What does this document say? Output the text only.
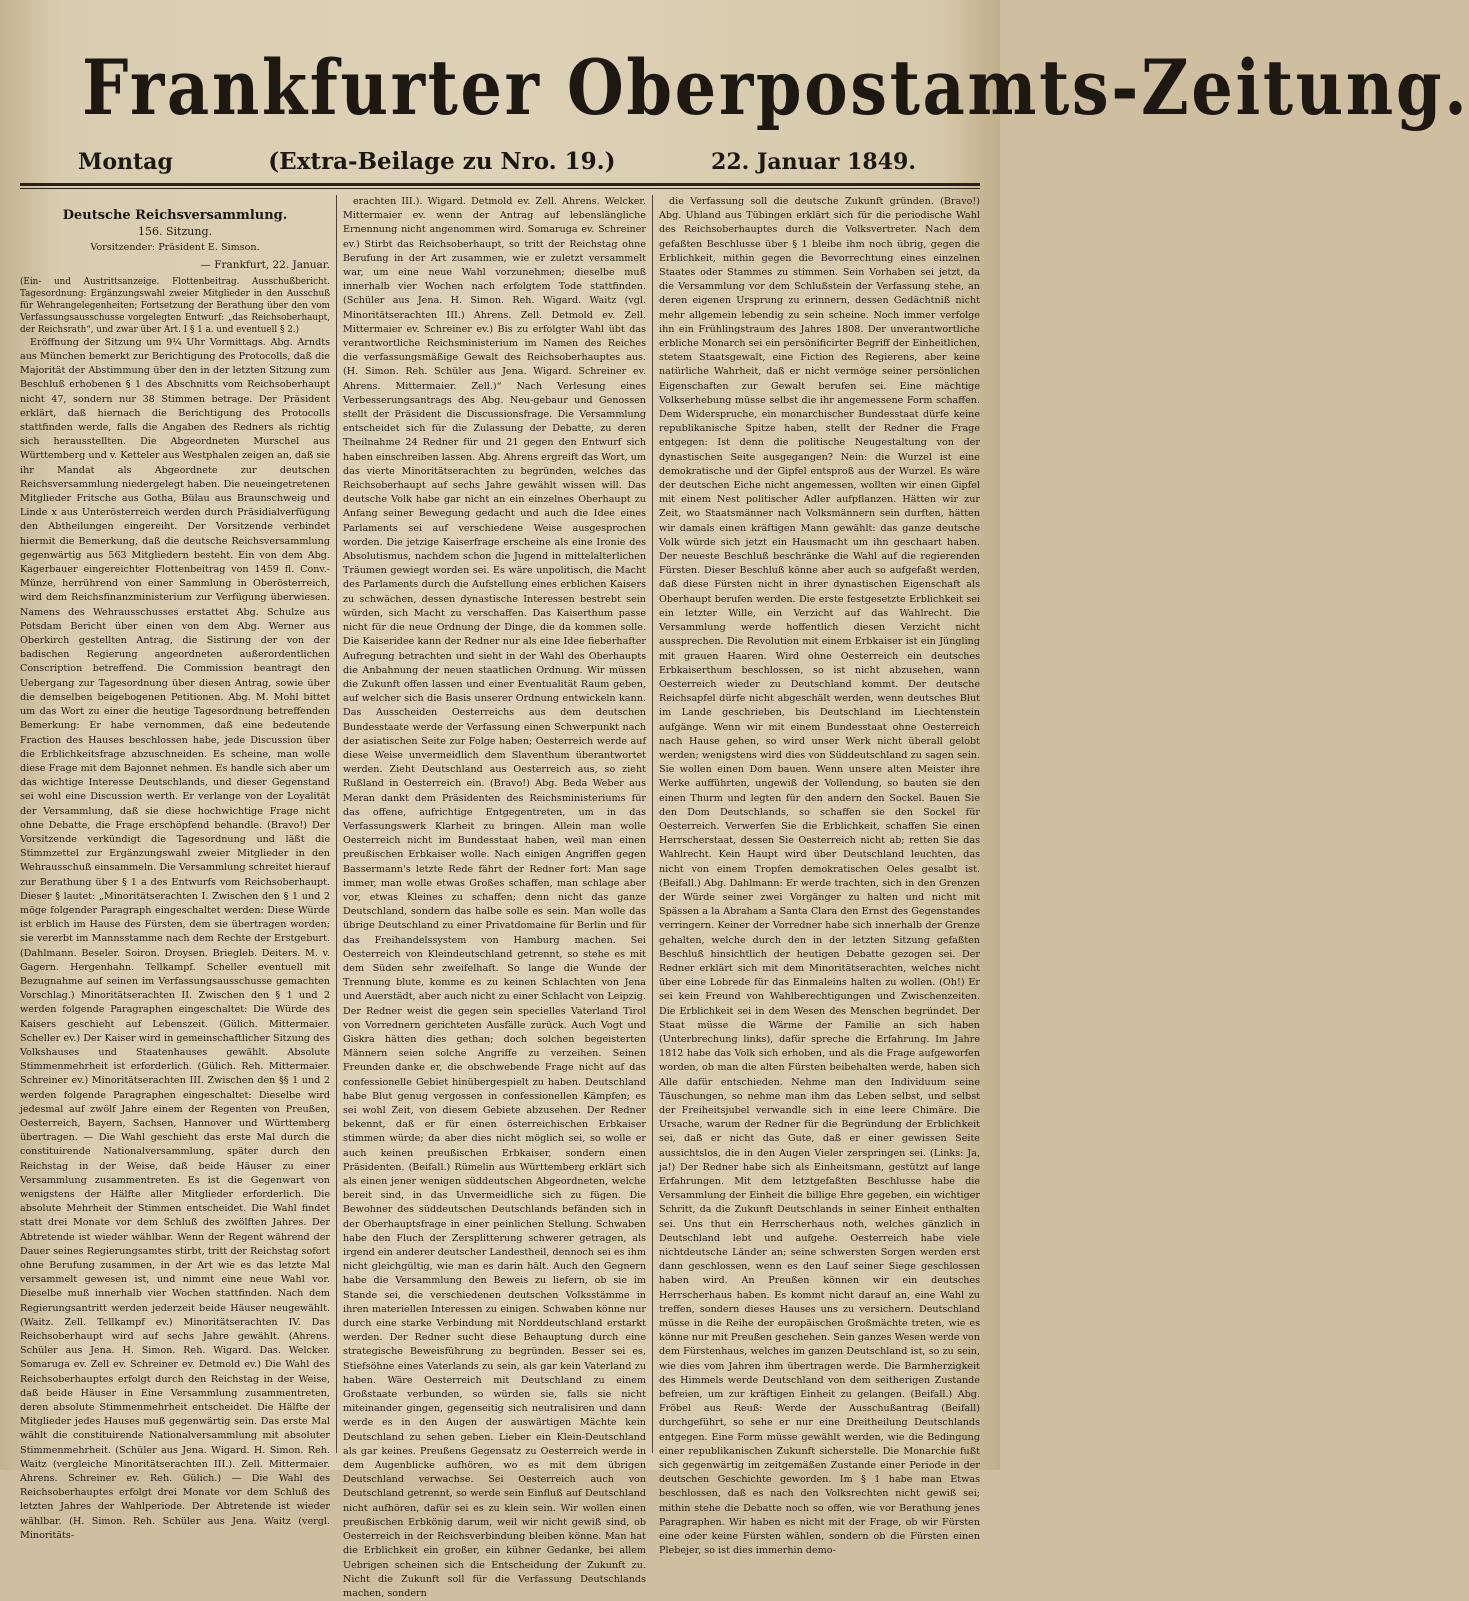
Frankfurter Oberpostamts-Zeitung.
Montag	(Extra-Beilage zu Nro. 19.)	22. Januar 1849.
Deutsche Reichsversammlung.
156. Sitzung.
Vorsitzender: Präsident E. Simson.
— Frankfurt, 22. Januar.

(Ein- und Austrittsanzeige. Flottenbeitrag. Ausschußbericht. Tagesordnung: Ergänzungswahl zweier Mitglieder in den Ausschuß für Wehrangelegenheiten; Fortsetzung der Berathung über den vom Verfassungsausschusse vorgelegten Entwurf: „das Reichsoberhaupt, der Reichsrath“, und zwar über Art. I § 1 a. und eventuell § 2.)

Eröffnung der Sitzung um 9¼ Uhr Vormittags. Abg. Arndts aus München bemerkt zur Berichtigung des Protocolls, daß die Majorität der Abstimmung über den in der letzten Sitzung zum Beschluß erhobenen § 1 des Abschnitts vom Reichsoberhaupt nicht 47, sondern nur 38 Stimmen betrage. Der Präsident erklärt, daß hiernach die Berichtigung des Protocolls stattfinden werde, falls die Angaben des Redners als richtig sich herausstellten. Die Abgeordneten Murschel aus Württemberg und v. Ketteler aus Westphalen zeigen an, daß sie ihr Mandat als Abgeordnete zur deutschen Reichsversammlung niedergelegt haben. Die neueingetretenen Mitglieder Fritsche aus Gotha, Bülau aus Braunschweig und Linde x aus Unterösterreich werden durch Präsidialverfügung den Abtheilungen eingereiht. Der Vorsitzende verbindet hiermit die Bemerkung, daß die deutsche Reichsversammlung gegenwärtig aus 563 Mitgliedern besteht. Ein von dem Abg. Kagerbauer eingereichter Flottenbeitrag von 1459 fl. Conv.-Münze, herrührend von einer Sammlung in Oberösterreich, wird dem Reichsfinanzministerium zur Verfügung überwiesen. Namens des Wehrausschusses erstattet Abg. Schulze aus Potsdam Bericht über einen von dem Abg. Werner aus Oberkirch gestellten Antrag, die Sistirung der von der badischen Regierung angeordneten außerordentlichen Conscription betreffend. Die Commission beantragt den Uebergang zur Tagesordnung über diesen Antrag, sowie über die demselben beigebogenen Petitionen. Abg. M. Mohl bittet um das Wort zu einer die heutige Tagesordnung betreffenden Bemerkung: Er habe vernommen, daß eine bedeutende Fraction des Hauses beschlossen habe, jede Discussion über die Erblichkeitsfrage abzuschneiden. Es scheine, man wolle diese Frage mit dem Bajonnet nehmen. Es handle sich aber um das wichtige Interesse Deutschlands, und dieser Gegenstand sei wohl eine Discussion werth. Er verlange von der Loyalität der Versammlung, daß sie diese hochwichtige Frage nicht ohne Debatte, die Frage erschöpfend behandle. (Bravo!) Der Vorsitzende verkündigt die Tagesordnung und läßt die Stimmzettel zur Ergänzungswahl zweier Mitglieder in den Wehrausschuß einsammeln. Die Versammlung schreitet hierauf zur Berathung über § 1 a des Entwurfs vom Reichsoberhaupt. Dieser § lautet: „Minoritätserachten I. Zwischen den § 1 und 2 möge folgender Paragraph eingeschaltet werden: Diese Würde ist erblich im Hause des Fürsten, dem sie übertragen worden; sie vererbt im Mannsstamme nach dem Rechte der Erstgeburt. (Dahlmann. Beseler. Soiron. Droysen. Briegleb. Deiters. M. v. Gagern. Hergenhahn. Tellkampf. Scheller eventuell mit Bezugnahme auf seinen im Verfassungsausschusse gemachten Vorschlag.) Minoritätserachten II. Zwischen den § 1 und 2 werden folgende Paragraphen eingeschaltet: Die Würde des Kaisers geschieht auf Lebenszeit. (Gülich. Mittermaier. Scheller ev.) Der Kaiser wird in gemeinschaftlicher Sitzung des Volkshauses und Staatenhauses gewählt. Absolute Stimmenmehrheit ist erforderlich. (Gülich. Reh. Mittermaier. Schreiner ev.) Minoritätserachten III. Zwischen den §§ 1 und 2 werden folgende Paragraphen eingeschaltet: Dieselbe wird jedesmal auf zwölf Jahre einem der Regenten von Preußen, Oesterreich, Bayern, Sachsen, Hannover und Württemberg übertragen. — Die Wahl geschieht das erste Mal durch die constituirende Nationalversammlung, später durch den Reichstag in der Weise, daß beide Häuser zu einer Versammlung zusammentreten. Es ist die Gegenwart von wenigstens der Hälfte aller Mitglieder erforderlich. Die absolute Mehrheit der Stimmen entscheidet. Die Wahl findet statt drei Monate vor dem Schluß des zwölften Jahres. Der Abtretende ist wieder wählbar. Wenn der Regent während der Dauer seines Regierungsamtes stirbt, tritt der Reichstag sofort ohne Berufung zusammen, in der Art wie es das letzte Mal versammelt gewesen ist, und nimmt eine neue Wahl vor. Dieselbe muß innerhalb vier Wochen stattfinden. Nach dem Regierungsantritt werden jederzeit beide Häuser neugewählt. (Waitz. Zell. Tellkampf ev.) Minoritätserachten IV. Das Reichsoberhaupt wird auf sechs Jahre gewählt. (Ahrens. Schüler aus Jena. H. Simon. Reh. Wigard. Das. Welcker. Somaruga ev. Zell ev. Schreiner ev. Detmold ev.) Die Wahl des Reichsoberhauptes erfolgt durch den Reichstag in der Weise, daß beide Häuser in Eine Versammlung zusammentreten, deren absolute Stimmenmehrheit entscheidet. Die Hälfte der Mitglieder jedes Hauses muß gegenwärtig sein. Das erste Mal wählt die constituirende Nationalversammlung mit absoluter Stimmenmehrheit. (Schüler aus Jena. Wigard. H. Simon. Reh. Waitz (vergleiche Minoritätserachten III.). Zell. Mittermaier. Ahrens. Schreiner ev. Reh. Gülich.) — Die Wahl des Reichsoberhauptes erfolgt drei Monate vor dem Schluß des letzten Jahres der Wahlperiode. Der Abtretende ist wieder wählbar. (H. Simon. Reh. Schüler aus Jena. Waitz (vergl. Minoritäts-

erachten III.). Wigard. Detmold ev. Zell. Ahrens. Welcker. Mittermaier ev. wenn der Antrag auf lebenslängliche Ernennung nicht angenommen wird. Somaruga ev. Schreiner ev.) Stirbt das Reichsoberhaupt, so tritt der Reichstag ohne Berufung in der Art zusammen, wie er zuletzt versammelt war, um eine neue Wahl vorzunehmen; dieselbe muß innerhalb vier Wochen nach erfolgtem Tode stattfinden. (Schüler aus Jena. H. Simon. Reh. Wigard. Waitz (vgl. Minoritätserachten III.) Ahrens. Zell. Detmold ev. Zell. Mittermaier ev. Schreiner ev.) Bis zu erfolgter Wahl übt das verantwortliche Reichsministerium im Namen des Reiches die verfassungsmäßige Gewalt des Reichsoberhauptes aus. (H. Simon. Reh. Schüler aus Jena. Wigard. Schreiner ev. Ahrens. Mittermaier. Zell.)“ Nach Verlesung eines Verbesserungsantrags des Abg. Neu-gebaur und Genossen stellt der Präsident die Discussionsfrage. Die Versammlung entscheidet sich für die Zulassung der Debatte, zu deren Theilnahme 24 Redner für und 21 gegen den Entwurf sich haben einschreiben lassen. Abg. Ahrens ergreift das Wort, um das vierte Minoritätserachten zu begründen, welches das Reichsoberhaupt auf sechs Jahre gewählt wissen will. Das deutsche Volk habe gar nicht an ein einzelnes Oberhaupt zu Anfang seiner Bewegung gedacht und auch die Idee eines Parlaments sei auf verschiedene Weise ausgesprochen worden. Die jetzige Kaiserfrage erscheine als eine Ironie des Absolutismus, nachdem schon die Jugend in mittelalterlichen Träumen gewiegt worden sei. Es wäre unpolitisch, die Macht des Parlaments durch die Aufstellung eines erblichen Kaisers zu schwächen, dessen dynastische Interessen bestrebt sein würden, sich Macht zu verschaffen. Das Kaiserthum passe nicht für die neue Ordnung der Dinge, die da kommen solle. Die Kaiseridee kann der Redner nur als eine Idee fieberhafter Aufregung betrachten und sieht in der Wahl des Oberhaupts die Anbahnung der neuen staatlichen Ordnung. Wir müssen die Zukunft offen lassen und einer Eventualität Raum geben, auf welcher sich die Basis unserer Ordnung entwickeln kann. Das Ausscheiden Oesterreichs aus dem deutschen Bundesstaate werde der Verfassung einen Schwerpunkt nach der asiatischen Seite zur Folge haben; Oesterreich werde auf diese Weise unvermeidlich dem Slaventhum überantwortet werden. Zieht Deutschland aus Oesterreich aus, so zieht Rußland in Oesterreich ein. (Bravo!) Abg. Beda Weber aus Meran dankt dem Präsidenten des Reichsministeriums für das offene, aufrichtige Entgegentreten, um in das Verfassungswerk Klarheit zu bringen. Allein man wolle Oesterreich nicht im Bundesstaat haben, weil man einen preußischen Erbkaiser wolle. Nach einigen Angriffen gegen Bassermann's letzte Rede fährt der Redner fort: Man sage immer, man wolle etwas Großes schaffen, man schlage aber vor, etwas Kleines zu schaffen; denn nicht das ganze Deutschland, sondern das halbe solle es sein. Man wolle das übrige Deutschland zu einer Privatdomaine für Berlin und für das Freihandelssystem von Hamburg machen. Sei Oesterreich von Kleindeutschland getrennt, so stehe es mit dem Süden sehr zweifelhaft. So lange die Wunde der Trennung blute, komme es zu keinen Schlachten von Jena und Auerstädt, aber auch nicht zu einer Schlacht von Leipzig. Der Redner weist die gegen sein specielles Vaterland Tirol von Vorrednern gerichteten Ausfälle zurück. Auch Vogt und Giskra hätten dies gethan; doch solchen begeisterten Männern seien solche Angriffe zu verzeihen. Seinen Freunden danke er, die obschwebende Frage nicht auf das confessionelle Gebiet hinübergespielt zu haben. Deutschland habe Blut genug vergossen in confessionellen Kämpfen; es sei wohl Zeit, von diesem Gebiete abzusehen. Der Redner bekennt, daß er für einen österreichischen Erbkaiser stimmen würde; da aber dies nicht möglich sei, so wolle er auch keinen preußischen Erbkaiser, sondern einen Präsidenten. (Beifall.) Rümelin aus Württemberg erklärt sich als einen jener wenigen süddeutschen Abgeordneten, welche bereit sind, in das Unvermeidliche sich zu fügen. Die Bewohner des süddeutschen Deutschlands befänden sich in der Oberhauptsfrage in einer peinlichen Stellung. Schwaben habe den Fluch der Zersplitterung schwerer getragen, als irgend ein anderer deutscher Landestheil, dennoch sei es ihm nicht gleichgültig, wie man es darin hält. Auch den Gegnern habe die Versammlung den Beweis zu liefern, ob sie im Stande sei, die verschiedenen deutschen Volksstämme in ihren materiellen Interessen zu einigen. Schwaben könne nur durch eine starke Verbindung mit Norddeutschland erstarkt werden. Der Redner sucht diese Behauptung durch eine strategische Beweisführung zu begründen. Besser sei es, Stiefsöhne eines Vaterlands zu sein, als gar kein Vaterland zu haben. Wäre Oesterreich mit Deutschland zu einem Großstaate verbunden, so würden sie, falls sie nicht miteinander gingen, gegenseitig sich neutralisiren und dann werde es in den Augen der auswärtigen Mächte kein Deutschland zu sehen geben. Lieber ein Klein-Deutschland als gar keines. Preußens Gegensatz zu Oesterreich werde in dem Augenblicke aufhören, wo es mit dem übrigen Deutschland verwachse. Sei Oesterreich auch von Deutschland getrennt, so werde sein Einfluß auf Deutschland nicht aufhören, dafür sei es zu klein sein. Wir wollen einen preußischen Erbkönig darum, weil wir nicht gewiß sind, ob Oesterreich in der Reichsverbindung bleiben könne. Man hat die Erblichkeit ein großer, ein kühner Gedanke, bei allem Uebrigen scheinen sich die Entscheidung der Zukunft zu. Nicht die Zukunft soll für die Verfassung Deutschlands machen, sondern

die Verfassung soll die deutsche Zukunft gründen. (Bravo!) Abg. Uhland aus Tübingen erklärt sich für die periodische Wahl des Reichsoberhauptes durch die Volksvertreter. Nach dem gefaßten Beschlusse über § 1 bleibe ihm noch übrig, gegen die Erblichkeit, mithin gegen die Bevorrechtung eines einzelnen Staates oder Stammes zu stimmen. Sein Vorhaben sei jetzt, da die Versammlung vor dem Schlußstein der Verfassung stehe, an deren eigenen Ursprung zu erinnern, dessen Gedächtniß nicht mehr allgemein lebendig zu sein scheine. Noch immer verfolge ihn ein Frühlingstraum des Jahres 1808. Der unverantwortliche erbliche Monarch sei ein persönificirter Begriff der Einheitlichen, stetem Staatsgewalt, eine Fiction des Regierens, aber keine natürliche Wahrheit, daß er nicht vermöge seiner persönlichen Eigenschaften zur Gewalt berufen sei. Eine mächtige Volkserhebung müsse selbst die ihr angemessene Form schaffen. Dem Widerspruche, ein monarchischer Bundesstaat dürfe keine republikanische Spitze haben, stellt der Redner die Frage entgegen: Ist denn die politische Neugestaltung von der dynastischen Seite ausgegangen? Nein: die Wurzel ist eine demokratische und der Gipfel entsproß aus der Wurzel. Es wäre der deutschen Eiche nicht angemessen, wollten wir einen Gipfel mit einem Nest politischer Adler aufpflanzen. Hätten wir zur Zeit, wo Staatsmänner nach Volksmännern sein durften, hätten wir damals einen kräftigen Mann gewählt: das ganze deutsche Volk würde sich jetzt ein Hausmacht um ihn geschaart haben. Der neueste Beschluß beschränke die Wahl auf die regierenden Fürsten. Dieser Beschluß könne aber auch so aufgefaßt werden, daß diese Fürsten nicht in ihrer dynastischen Eigenschaft als Oberhaupt berufen werden. Die erste festgesetzte Erblichkeit sei ein letzter Wille, ein Verzicht auf das Wahlrecht. Die Versammlung werde hoffentlich diesen Verzicht nicht aussprechen. Die Revolution mit einem Erbkaiser ist ein Jüngling mit grauen Haaren. Wird ohne Oesterreich ein deutsches Erbkaiserthum beschlossen, so ist nicht abzusehen, wann Oesterreich wieder zu Deutschland kommt. Der deutsche Reichsapfel dürfe nicht abgeschält werden, wenn deutsches Blut im Lande geschrieben, bis Deutschland im Liechtenstein aufgänge. Wenn wir mit einem Bundesstaat ohne Oesterreich nach Hause gehen, so wird unser Werk nicht überall gelobt werden; wenigstens wird dies von Süddeutschland zu sagen sein. Sie wollen einen Dom bauen. Wenn unsere alten Meister ihre Werke aufführten, ungewiß der Vollendung, so bauten sie den einen Thurm und legten für den andern den Sockel. Bauen Sie den Dom Deutschlands, so schaffen sie den Sockel für Oesterreich. Verwerfen Sie die Erblichkeit, schaffen Sie einen Herrscherstaat, dessen Sie Oesterreich nicht ab; retten Sie das Wahlrecht. Kein Haupt wird über Deutschland leuchten, das nicht von einem Tropfen demokratischen Oeles gesalbt ist. (Beifall.) Abg. Dahlmann: Er werde trachten, sich in den Grenzen der Würde seiner zwei Vorgänger zu halten und nicht mit Spässen a la Abraham a Santa Clara den Ernst des Gegenstandes verringern. Keiner der Vorredner habe sich innerhalb der Grenze gehalten, welche durch den in der letzten Sitzung gefaßten Beschluß hinsichtlich der heutigen Debatte gezogen sei. Der Redner erklärt sich mit dem Minoritätserachten, welches nicht über eine Lobrede für das Einmaleins halten zu wollen. (Oh!) Er sei kein Freund von Wahlberechtigungen und Zwischenzeiten. Die Erblichkeit sei in dem Wesen des Menschen begründet. Der Staat müsse die Wärme der Familie an sich haben (Unterbrechung links), dafür spreche die Erfahrung. Im Jahre 1812 habe das Volk sich erhoben, und als die Frage aufgeworfen worden, ob man die alten Fürsten beibehalten werde, haben sich Alle dafür entschieden. Nehme man den Individuum seine Täuschungen, so nehme man ihm das Leben selbst, und selbst der Freiheitsjubel verwandle sich in eine leere Chimäre. Die Ursache, warum der Redner für die Begründung der Erblichkeit sei, daß er nicht das Gute, daß er einer gewissen Seite aussichtslos, die in den Augen Vieler zerspringen sei. (Links: Ja, ja!) Der Redner habe sich als Einheitsmann, gestützt auf lange Erfahrungen. Mit dem letztgefaßten Beschlusse habe die Versammlung der Einheit die billige Ehre gegeben, ein wichtiger Schritt, da die Zukunft Deutschlands in seiner Einheit enthalten sei. Uns thut ein Herrscherhaus noth, welches gänzlich in Deutschland lebt und aufgehe. Oesterreich habe viele nichtdeutsche Länder an; seine schwersten Sorgen werden erst dann geschlossen, wenn es den Lauf seiner Siege geschlossen haben wird. An Preußen können wir ein deutsches Herrscherhaus haben. Es kommt nicht darauf an, eine Wahl zu treffen, sondern dieses Hauses uns zu versichern. Deutschland müsse in die Reihe der europäischen Großmächte treten, wie es könne nur mit Preußen geschehen. Sein ganzes Wesen werde von dem Fürstenhaus, welches im ganzen Deutschland ist, so zu sein, wie dies vom Jahren ihm übertragen werde. Die Barmherzigkeit des Himmels werde Deutschland von dem seitherigen Zustande befreien, um zur kräftigen Einheit zu gelangen. (Beifall.) Abg. Fröbel aus Reuß: Werde der Ausschußantrag (Beifall) durchgeführt, so sehe er nur eine Dreitheilung Deutschlands entgegen. Eine Form müsse gewählt werden, wie die Bedingung einer republikanischen Zukunft sicherstelle. Die Monarchie fußt sich gegenwärtig im zeitgemäßen Zustande einer Periode in der deutschen Geschichte geworden. Im § 1 habe man Etwas beschlossen, daß es nach den Volksrechten nicht gewiß sei; mithin stehe die Debatte noch so offen, wie vor Berathung jenes Paragraphen. Wir haben es nicht mit der Frage, ob wir Fürsten eine oder keine Fürsten wählen, sondern ob die Fürsten einen Plebejer, so ist dies immerhin demo-
